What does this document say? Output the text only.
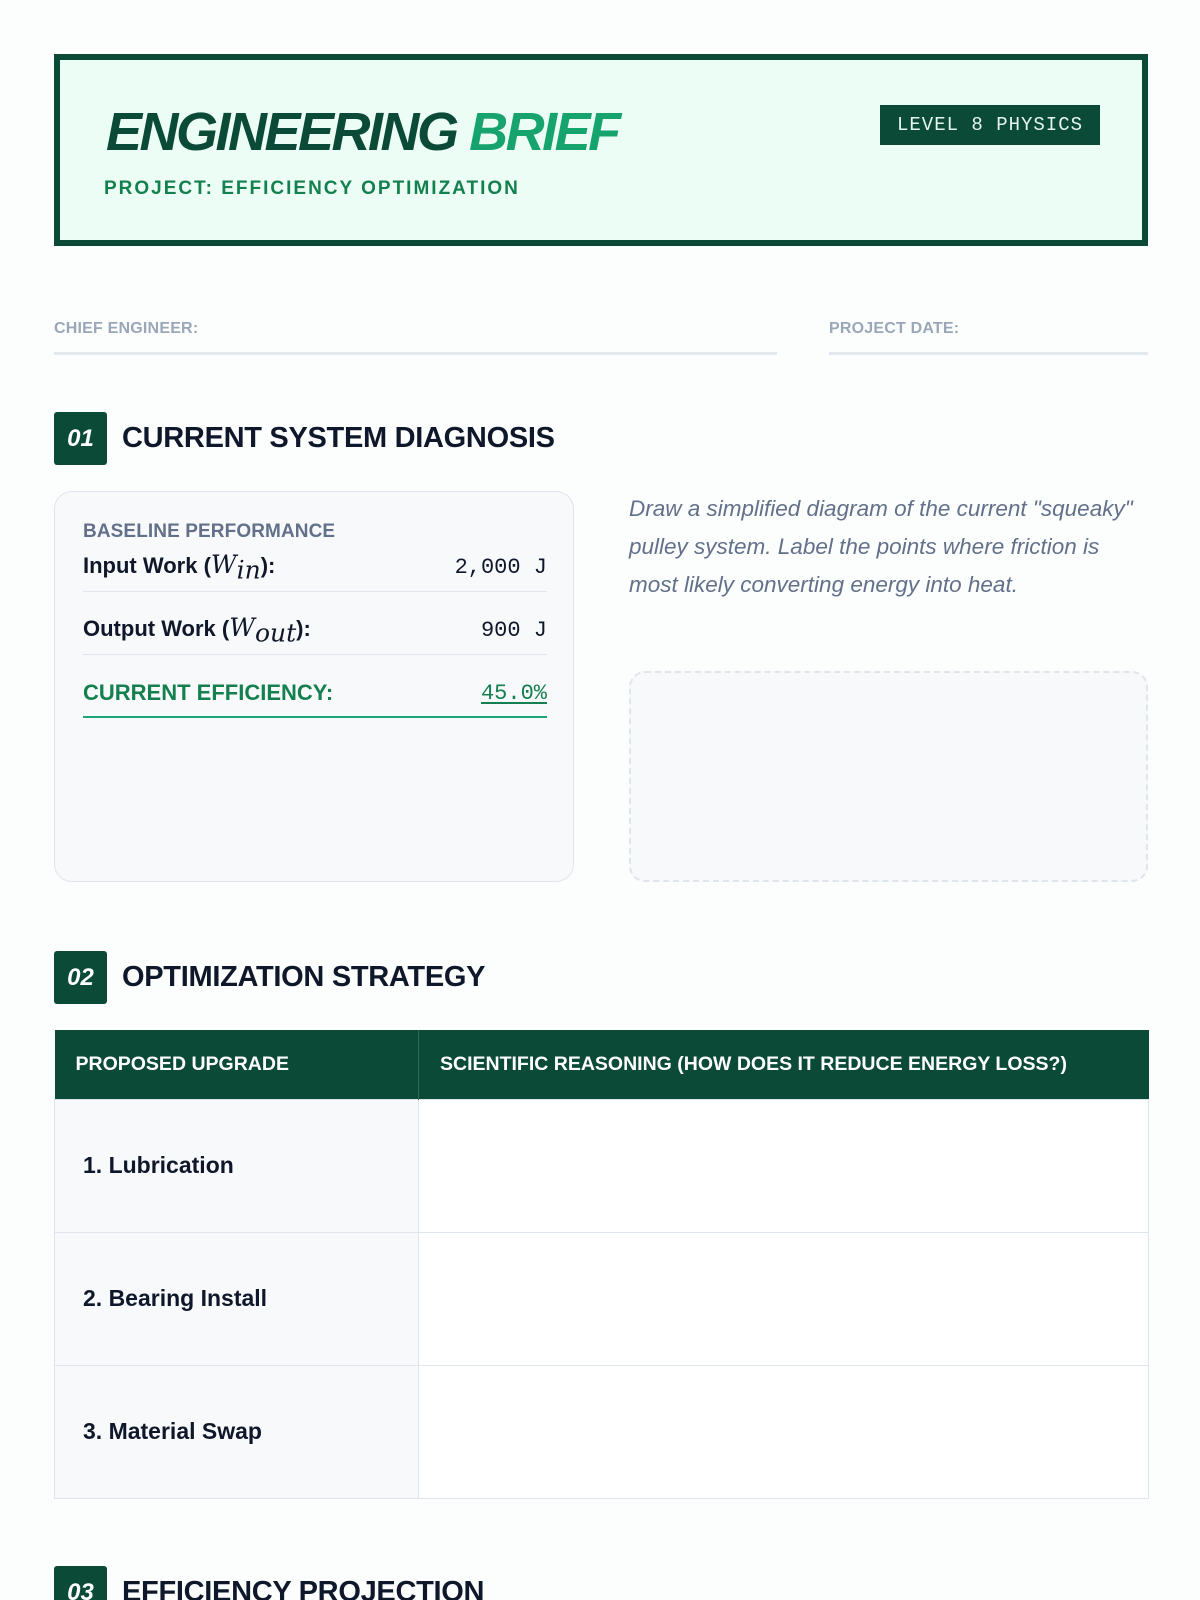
ENGINEERING BRIEF
PROJECT: EFFICIENCY OPTIMIZATION
LEVEL 8 PHYSICS
CHIEF ENGINEER:	PROJECT DATE:
01 CURRENT SYSTEM DIAGNOSIS
BASELINE PERFORMANCE
Input Work $(W_{in})$:	2,000 J
Output Work $(W_{out})$:	900 J
CURRENT EFFICIENCY:	45.0%
Draw a simplified diagram of the current "squeaky" pulley system. Label the points where friction is most likely converting energy into heat.
02 OPTIMIZATION STRATEGY
PROPOSED UPGRADE	SCIENTIFIC REASONING (HOW DOES IT REDUCE ENERGY LOSS?)
1. Lubrication	
2. Bearing Install	
3. Material Swap	
03 EFFICIENCY PROJECTION
